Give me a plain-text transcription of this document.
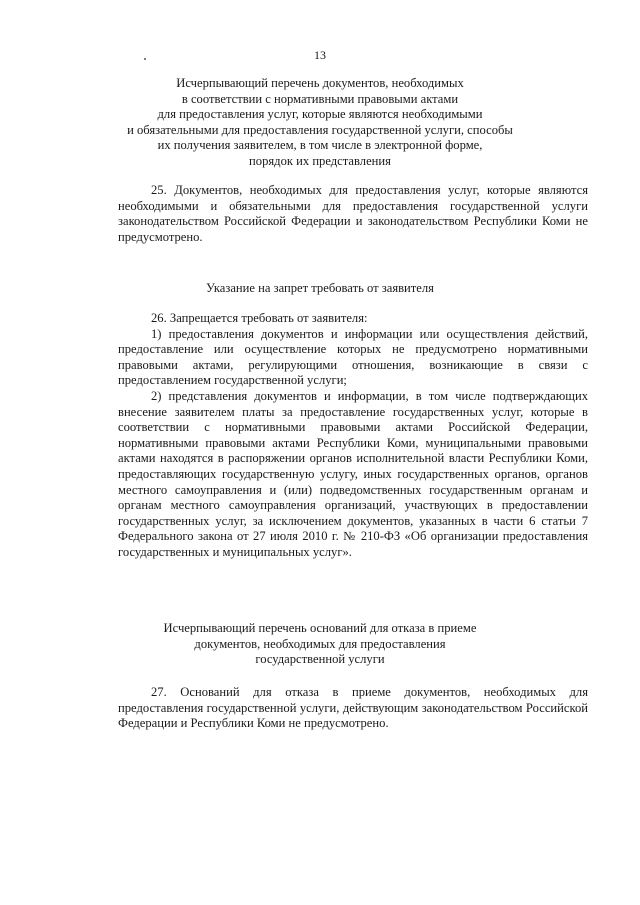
13
Исчерпывающий перечень документов, необходимых
в соответствии с нормативными правовыми актами
для предоставления услуг, которые являются необходимыми
и обязательными для предоставления государственной услуги, способы
их получения заявителем, в том числе в электронной форме,
порядок их представления

25. Документов, необходимых для предоставления услуг, которые являются необходимыми и обязательными для предоставления государственной услуги законодательством Российской Федерации и законодательством Республики Коми не предусмотрено.

Указание на запрет требовать от заявителя

26. Запрещается требовать от заявителя:

1) предоставления документов и информации или осуществления действий, предоставление или осуществление которых не предусмотрено нормативными правовыми актами, регулирующими отношения, возникающие в связи с предоставлением государственной услуги;

2) представления документов и информации, в том числе подтверждающих внесение заявителем платы за предоставление государственных услуг, которые в соответствии с нормативными правовыми актами Российской Федерации, нормативными правовыми актами Республики Коми, муниципальными правовыми актами находятся в распоряжении органов исполнительной власти Республики Коми, предоставляющих государственную услугу, иных государственных органов, органов местного самоуправления и (или) подведомственных государственным органам и органам местного самоуправления организаций, участвующих в предоставлении государственных услуг, за исключением документов, указанных в части 6 статьи 7 Федерального закона от 27 июля 2010 г. № 210-ФЗ «Об организации предоставления государственных и муниципальных услуг».

Исчерпывающий перечень оснований для отказа в приеме
документов, необходимых для предоставления
государственной услуги

27. Оснований для отказа в приеме документов, необходимых для предоставления государственной услуги, действующим законодательством Российской Федерации и Республики Коми не предусмотрено.
